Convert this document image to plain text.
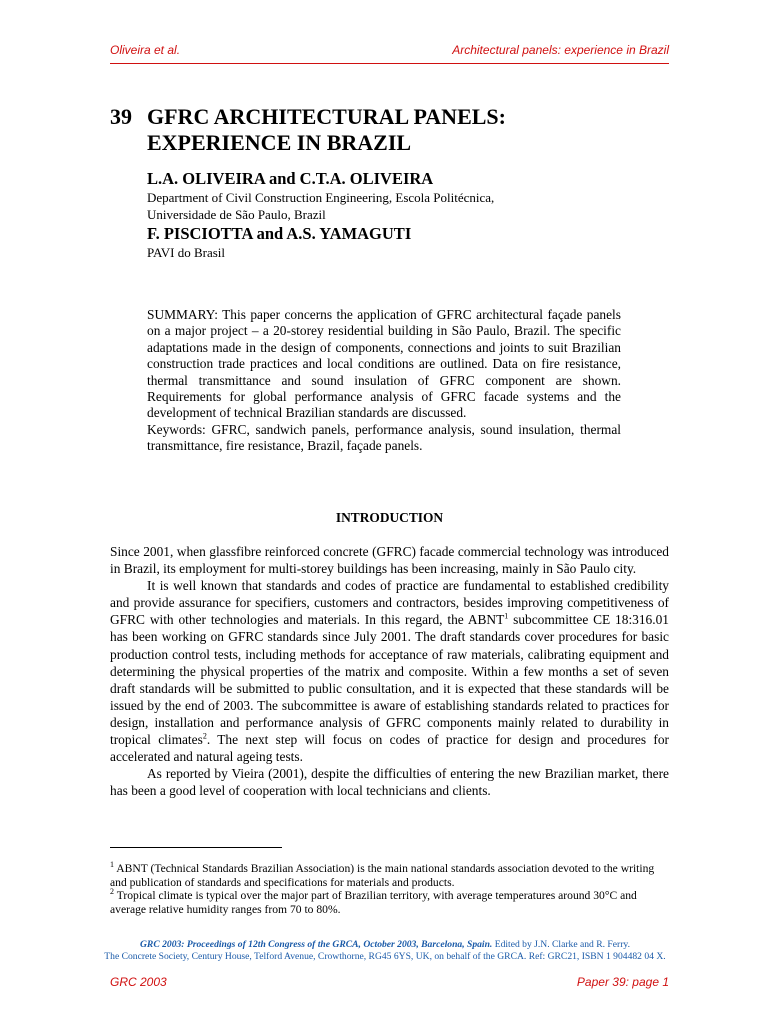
Oliveira et al.	Architectural panels: experience in Brazil
39 GFRC ARCHITECTURAL PANELS:
EXPERIENCE IN BRAZIL
L.A. OLIVEIRA and C.T.A. OLIVEIRA
Department of Civil Construction Engineering, Escola Politécnica,
Universidade de São Paulo, Brazil
F. PISCIOTTA and A.S. YAMAGUTI
PAVI do Brasil

SUMMARY: This paper concerns the application of GFRC architectural façade panels on a major project – a 20-storey residential building in São Paulo, Brazil. The specific adaptations made in the design of components, connections and joints to suit Brazilian construction trade practices and local conditions are outlined. Data on fire resistance, thermal transmittance and sound insulation of GFRC component are shown. Requirements for global performance analysis of GFRC facade systems and the development of technical Brazilian standards are discussed.

Keywords: GFRC, sandwich panels, performance analysis, sound insulation, thermal transmittance, fire resistance, Brazil, façade panels.

INTRODUCTION

Since 2001, when glassfibre reinforced concrete (GFRC) facade commercial technology was introduced in Brazil, its employment for multi-storey buildings has been increasing, mainly in São Paulo city.

It is well known that standards and codes of practice are fundamental to established credibility and provide assurance for specifiers, customers and contractors, besides improving competitiveness of GFRC with other technologies and materials. In this regard, the ABNT$^1$ subcommittee CE 18:316.01 has been working on GFRC standards since July 2001. The draft standards cover procedures for basic production control tests, including methods for acceptance of raw materials, calibrating equipment and determining the physical properties of the matrix and composite. Within a few months a set of seven draft standards will be submitted to public consultation, and it is expected that these standards will be issued by the end of 2003. The subcommittee is aware of establishing standards related to practices for design, installation and performance analysis of GFRC components mainly related to durability in tropical climates$^2$. The next step will focus on codes of practice for design and procedures for accelerated and natural ageing tests.

As reported by Vieira (2001), despite the difficulties of entering the new Brazilian market, there has been a good level of cooperation with local technicians and clients.

$^1$ ABNT (Technical Standards Brazilian Association) is the main national standards association devoted to the writing and publication of standards and specifications for materials and products.

$^2$ Tropical climate is typical over the major part of Brazilian territory, with average temperatures around 30°C and average relative humidity ranges from 70 to 80%.

GRC 2003: Proceedings of 12th Congress of the GRCA, October 2003, Barcelona, Spain. Edited by J.N. Clarke and R. Ferry.
The Concrete Society, Century House, Telford Avenue, Crowthorne, RG45 6YS, UK, on behalf of the GRCA. Ref: GRC21, ISBN 1 904482 04 X.
GRC 2003	Paper 39: page 1
